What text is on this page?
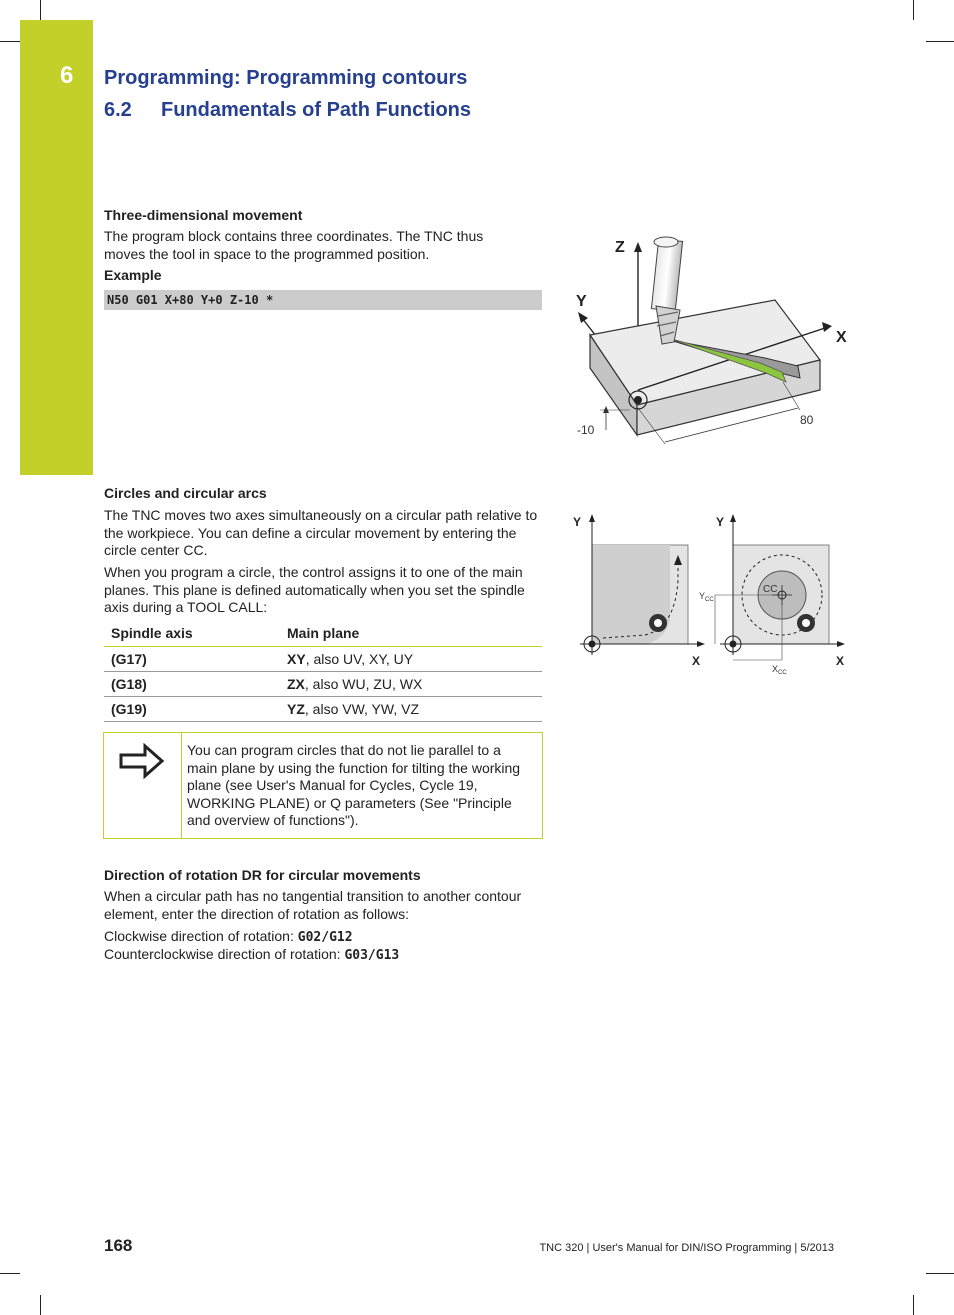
6 Programming: Programming contours
6.2 Fundamentals of Path Functions
Three-dimensional movement
The program block contains three coordinates. The TNC thus moves the tool in space to the programmed position.
Example
N50 G01 X+80 Y+0 Z-10 *
Z
Y
X
-10
80
Circles and circular arcs
The TNC moves two axes simultaneously on a circular path relative to the workpiece. You can define a circular movement by entering the circle center CC.
When you program a circle, the control assigns it to one of the main planes. This plane is defined automatically when you set the spindle axis during a TOOL CALL:
Y
X
Y
X
CC
$Y_{CC}$
$X_{CC}$
Spindle axis	Main plane
(G17)	XY, also UV, XY, UY
(G18)	ZX, also WU, ZU, WX
(G19)	YZ, also VW, YW, VZ
You can program circles that do not lie parallel to a main plane by using the function for tilting the working plane (see User's Manual for Cycles, Cycle 19, WORKING PLANE) or Q parameters (See "Principle and overview of functions").
Direction of rotation DR for circular movements
When a circular path has no tangential transition to another contour element, enter the direction of rotation as follows:
Clockwise direction of rotation: G02/G12
Counterclockwise direction of rotation: G03/G13
168	TNC 320 | User's Manual for DIN/ISO Programming | 5/2013
